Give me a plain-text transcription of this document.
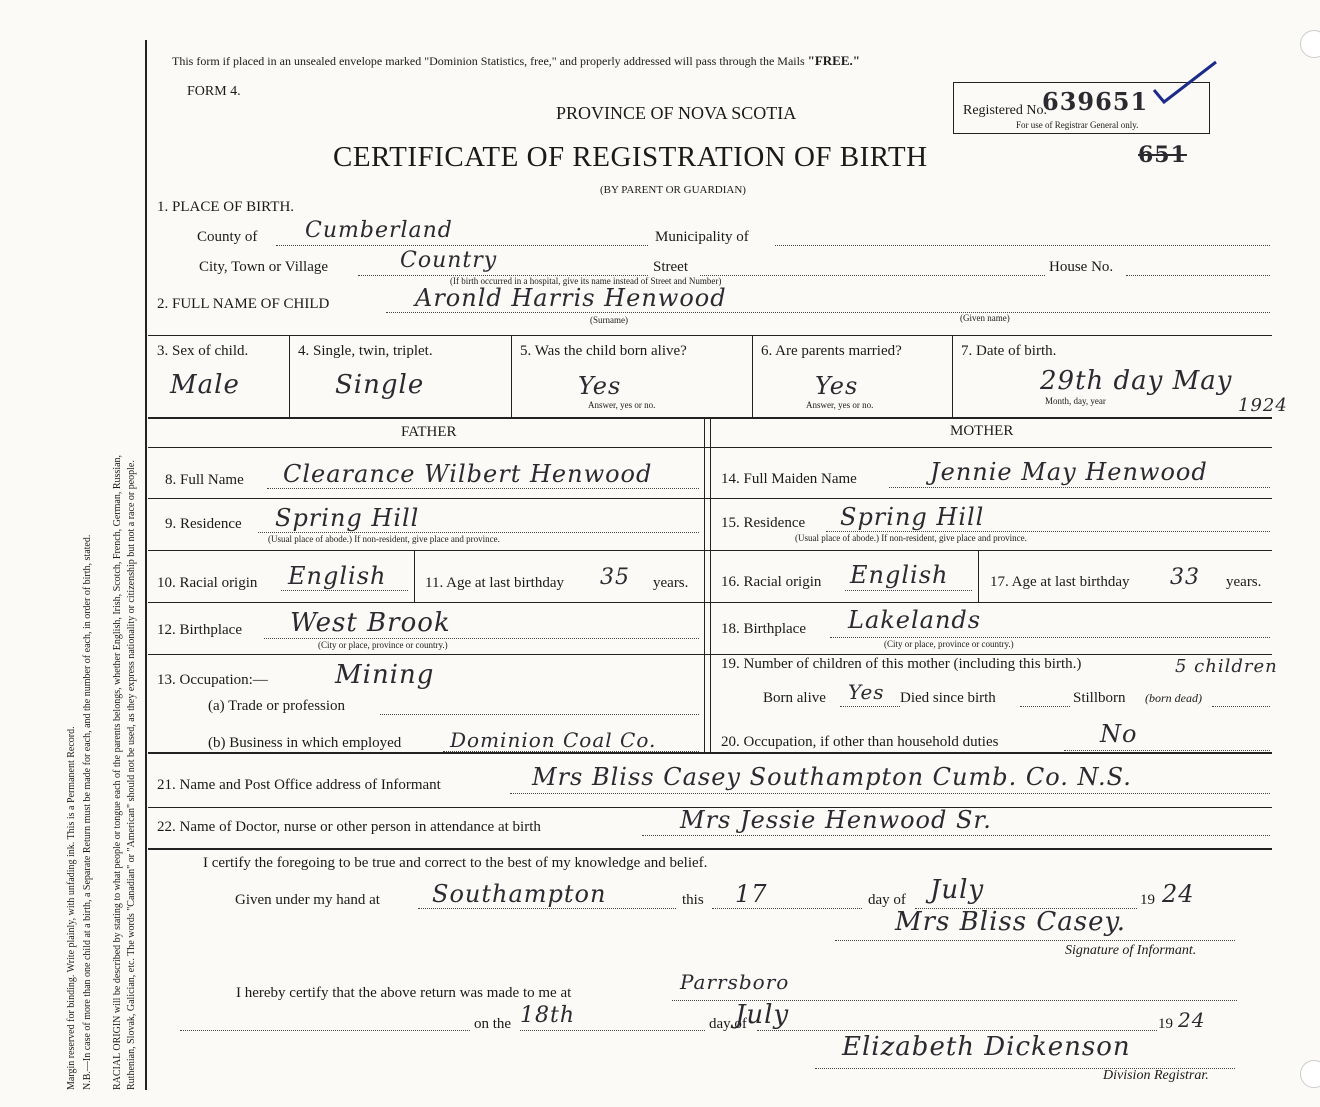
Margin reserved for binding. Write plainly, with unfading ink. This is a Permanent Record. N.B.—In case of more than one child at a birth, a Separate Return must be made for each, and the number of each, in order of birth, stated. RACIAL ORIGIN will be described by stating to what people or tongue each of the parents belongs, whether English, Irish, Scotch, French, German, Russian, Ruthenian, Slovak, Galician, etc. The words "Canadian" or "American" should not be used, as they express nationality or citizenship but not a race or people.
This form if placed in an unsealed envelope marked "Dominion Statistics, free," and properly addressed will pass through the Mails "FREE."
FORM 4.
PROVINCE OF NOVA SCOTIA
CERTIFICATE OF REGISTRATION OF BIRTH
(BY PARENT OR GUARDIAN)
651
Registered No.
639651
For use of Registrar General only.
1. PLACE OF BIRTH.
County of Cumberland	Municipality of
City, Town or Village	Country
(If birth occurred in a hospital, give its name instead of Street and Number)
Street	House No.
2. FULL NAME OF CHILD	Aronld Harris Henwood
(Surname)	(Given name)
3. Sex of child.
Male
4. Single, twin, triplet.
Single
5. Was the child born alive?
Yes
Answer, yes or no.
6. Are parents married?
Yes
Answer, yes or no.
7. Date of birth.
29th day May
Month, day, year	1924
FATHER	MOTHER
8. Full Name Clearance Wilbert Henwood
9. Residence Spring Hill
(Usual place of abode.) If non-resident, give place and province.
10. Racial origin English	11. Age at last birthday 35 years.
12. Birthplace West Brook
(City or place, province or country.)
13. Occupation:—	Mining
(a) Trade or profession
(b) Business in which employed Dominion Coal Co.
14. Full Maiden Name	Jennie May Henwood
15. Residence Spring Hill
(Usual place of abode.) If non-resident, give place and province.
16. Racial origin English	17. Age at last birthday 33 years.
18. Birthplace Lakelands
(City or place, province or country.)
19. Number of children of this mother (including this birth.)	5 children
Born alive Yes Died since birth	Stillborn (born dead)
20. Occupation, if other than household duties	No
21. Name and Post Office address of Informant	Mrs Bliss Casey Southampton Cumb. Co. N.S.
22. Name of Doctor, nurse or other person in attendance at birth	Mrs Jessie Henwood Sr.
I certify the foregoing to be true and correct to the best of my knowledge and belief.
Given under my hand at Southampton	this 17	day of July	19 24
Mrs Bliss Casey.
Signature of Informant.
I hereby certify that the above return was made to me at	Parrsboro
on the 18th	day of
July	19 24
Elizabeth Dickenson
Division Registrar.
